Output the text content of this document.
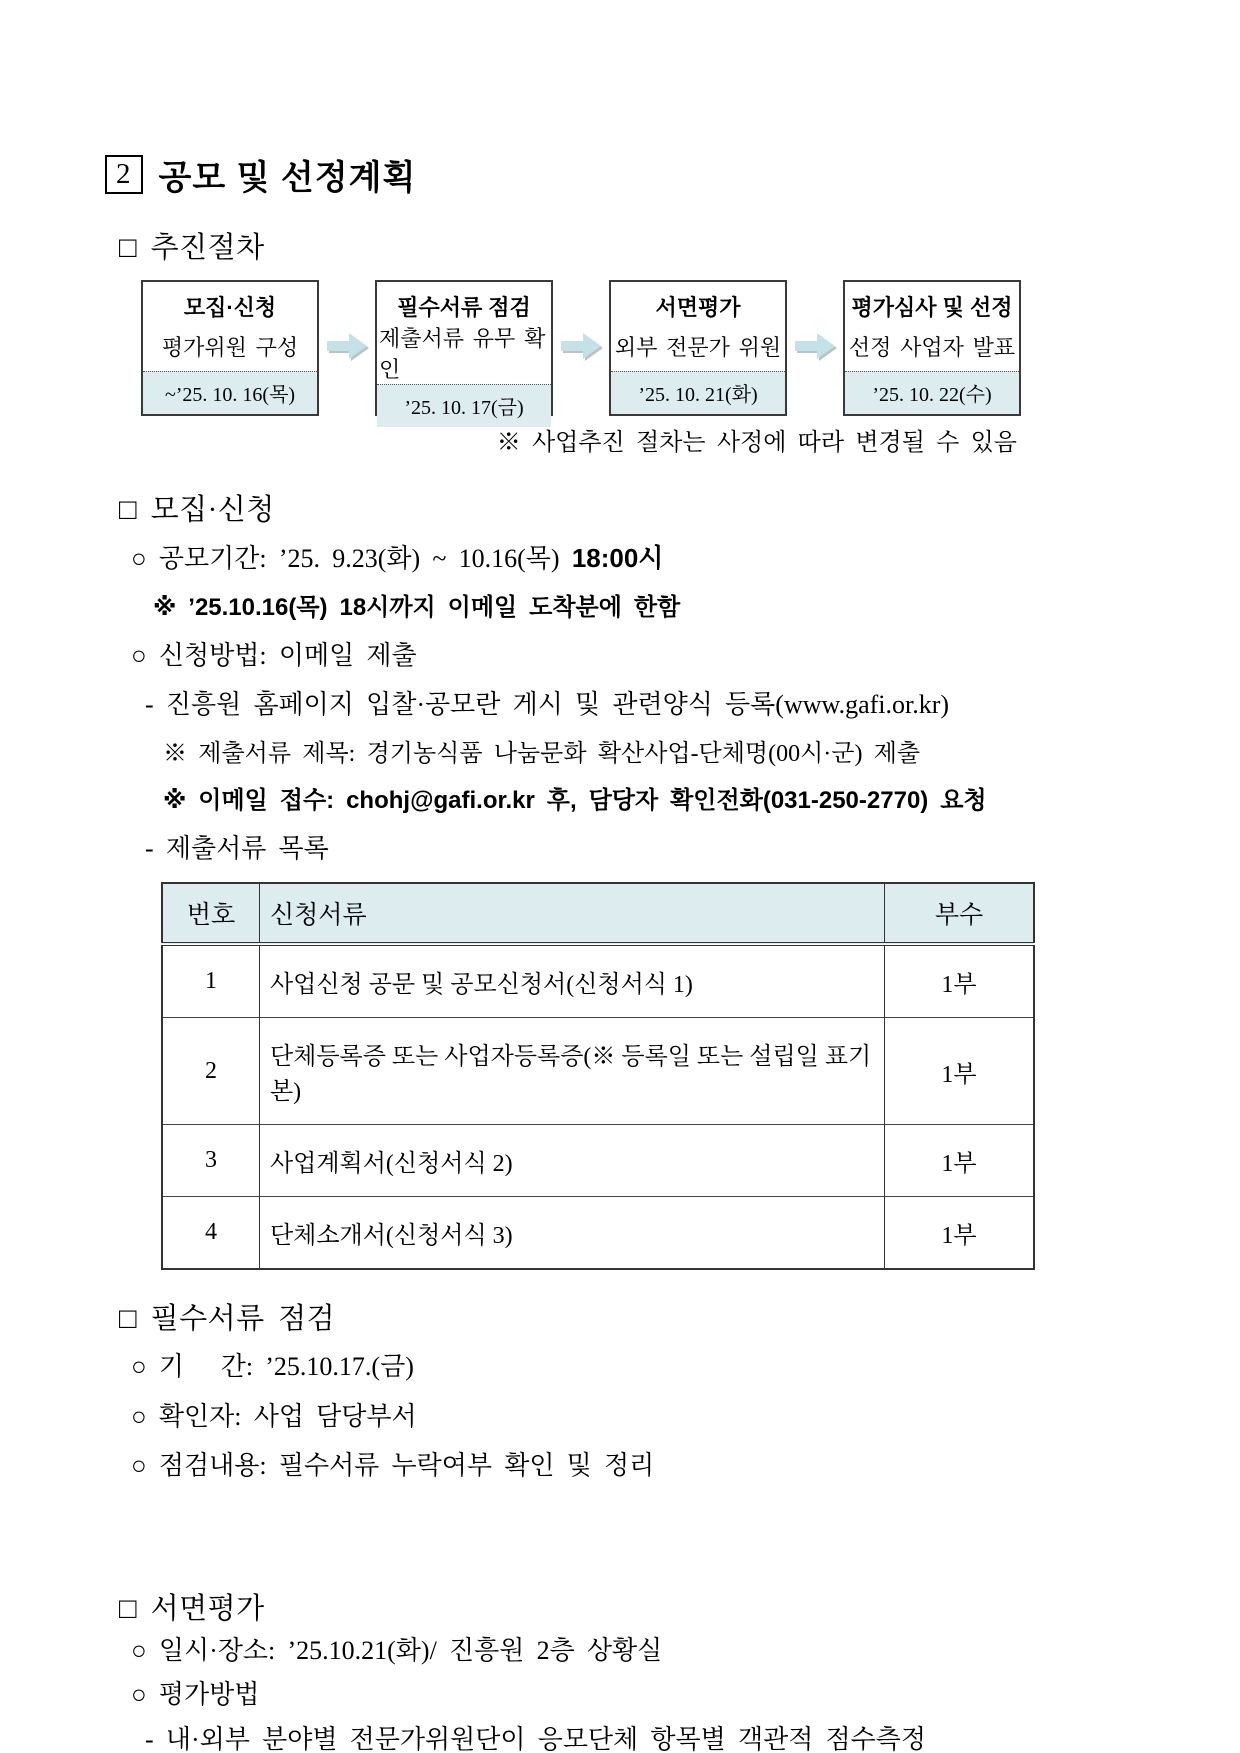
2 공모 및 선정계획
□ 추진절차
모집·신청
평가위원 구성
~’25. 10. 16(목)
필수서류 점검
제출서류 유무 확인
’25. 10. 17(금)
서면평가
외부 전문가 위원
’25. 10. 21(화)
평가심사 및 선정
선정 사업자 발표
’25. 10. 22(수)
※ 사업추진 절차는 사정에 따라 변경될 수 있음
□ 모집·신청
○ 공모기간: ’25. 9.23(화) ~ 10.16(목) 18:00시
※ ’25.10.16(목) 18시까지 이메일 도착분에 한함
○ 신청방법: 이메일 제출
- 진흥원 홈페이지 입찰·공모란 게시 및 관련양식 등록(www.gafi.or.kr)
※ 제출서류 제목: 경기농식품 나눔문화 확산사업-단체명(00시·군) 제출
※ 이메일 접수: chohj@gafi.or.kr 후, 담당자 확인전화(031-250-2770) 요청
- 제출서류 목록
번호	신청서류	부수
1	사업신청 공문 및 공모신청서(신청서식 1)	1부
2	단체등록증 또는 사업자등록증(※ 등록일 또는 설립일 표기본)	1부
3	사업계획서(신청서식 2)	1부
4	단체소개서(신청서식 3)	1부
□ 필수서류 점검
○ 기   간: ’25.10.17.(금)
○ 확인자: 사업 담당부서
○ 점검내용: 필수서류 누락여부 확인 및 정리
□ 서면평가
○ 일시·장소: ’25.10.21(화)/ 진흥원 2층 상황실
○ 평가방법
- 내·외부 분야별 전문가위원단이 응모단체 항목별 객관적 점수측정
